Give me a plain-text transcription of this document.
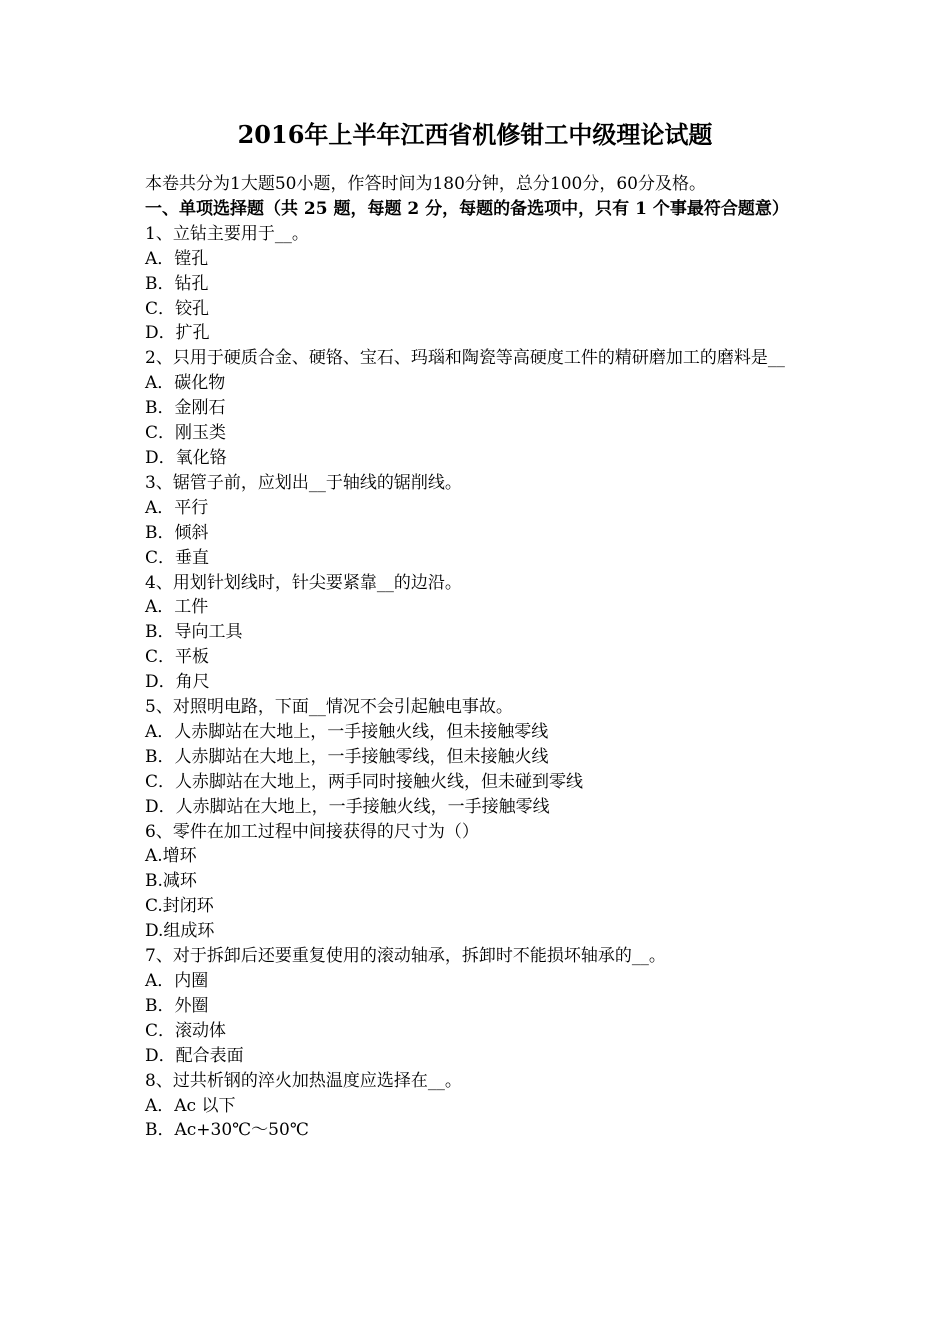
2016年上半年江西省机修钳工中级理论试题

本卷共分为1大题50小题，作答时间为180分钟，总分100分，60分及格。

一、单项选择题（共 25 题，每题 2 分，每题的备选项中，只有 1 个事最符合题意）

1、立钻主要用于__。

A．镗孔

B．钻孔

C．铰孔

D．扩孔

2、只用于硬质合金、硬铬、宝石、玛瑙和陶瓷等高硬度工件的精研磨加工的磨料是__

A．碳化物

B．金刚石

C．刚玉类

D．氧化铬

3、锯管子前，应划出__于轴线的锯削线。

A．平行

B．倾斜

C．垂直

4、用划针划线时，针尖要紧靠__的边沿。

A．工件

B．导向工具

C．平板

D．角尺

5、对照明电路，下面__情况不会引起触电事故。

A．人赤脚站在大地上，一手接触火线，但未接触零线

B．人赤脚站在大地上，一手接触零线，但未接触火线

C．人赤脚站在大地上，两手同时接触火线，但未碰到零线

D．人赤脚站在大地上，一手接触火线，一手接触零线

6、零件在加工过程中间接获得的尺寸为（）

A.增环

B.减环

C.封闭环

D.组成环

7、对于拆卸后还要重复使用的滚动轴承，拆卸时不能损坏轴承的__。

A．内圈

B．外圈

C．滚动体

D．配合表面

8、过共析钢的淬火加热温度应选择在__。

A．Ac 以下

B．Ac+30℃～50℃
